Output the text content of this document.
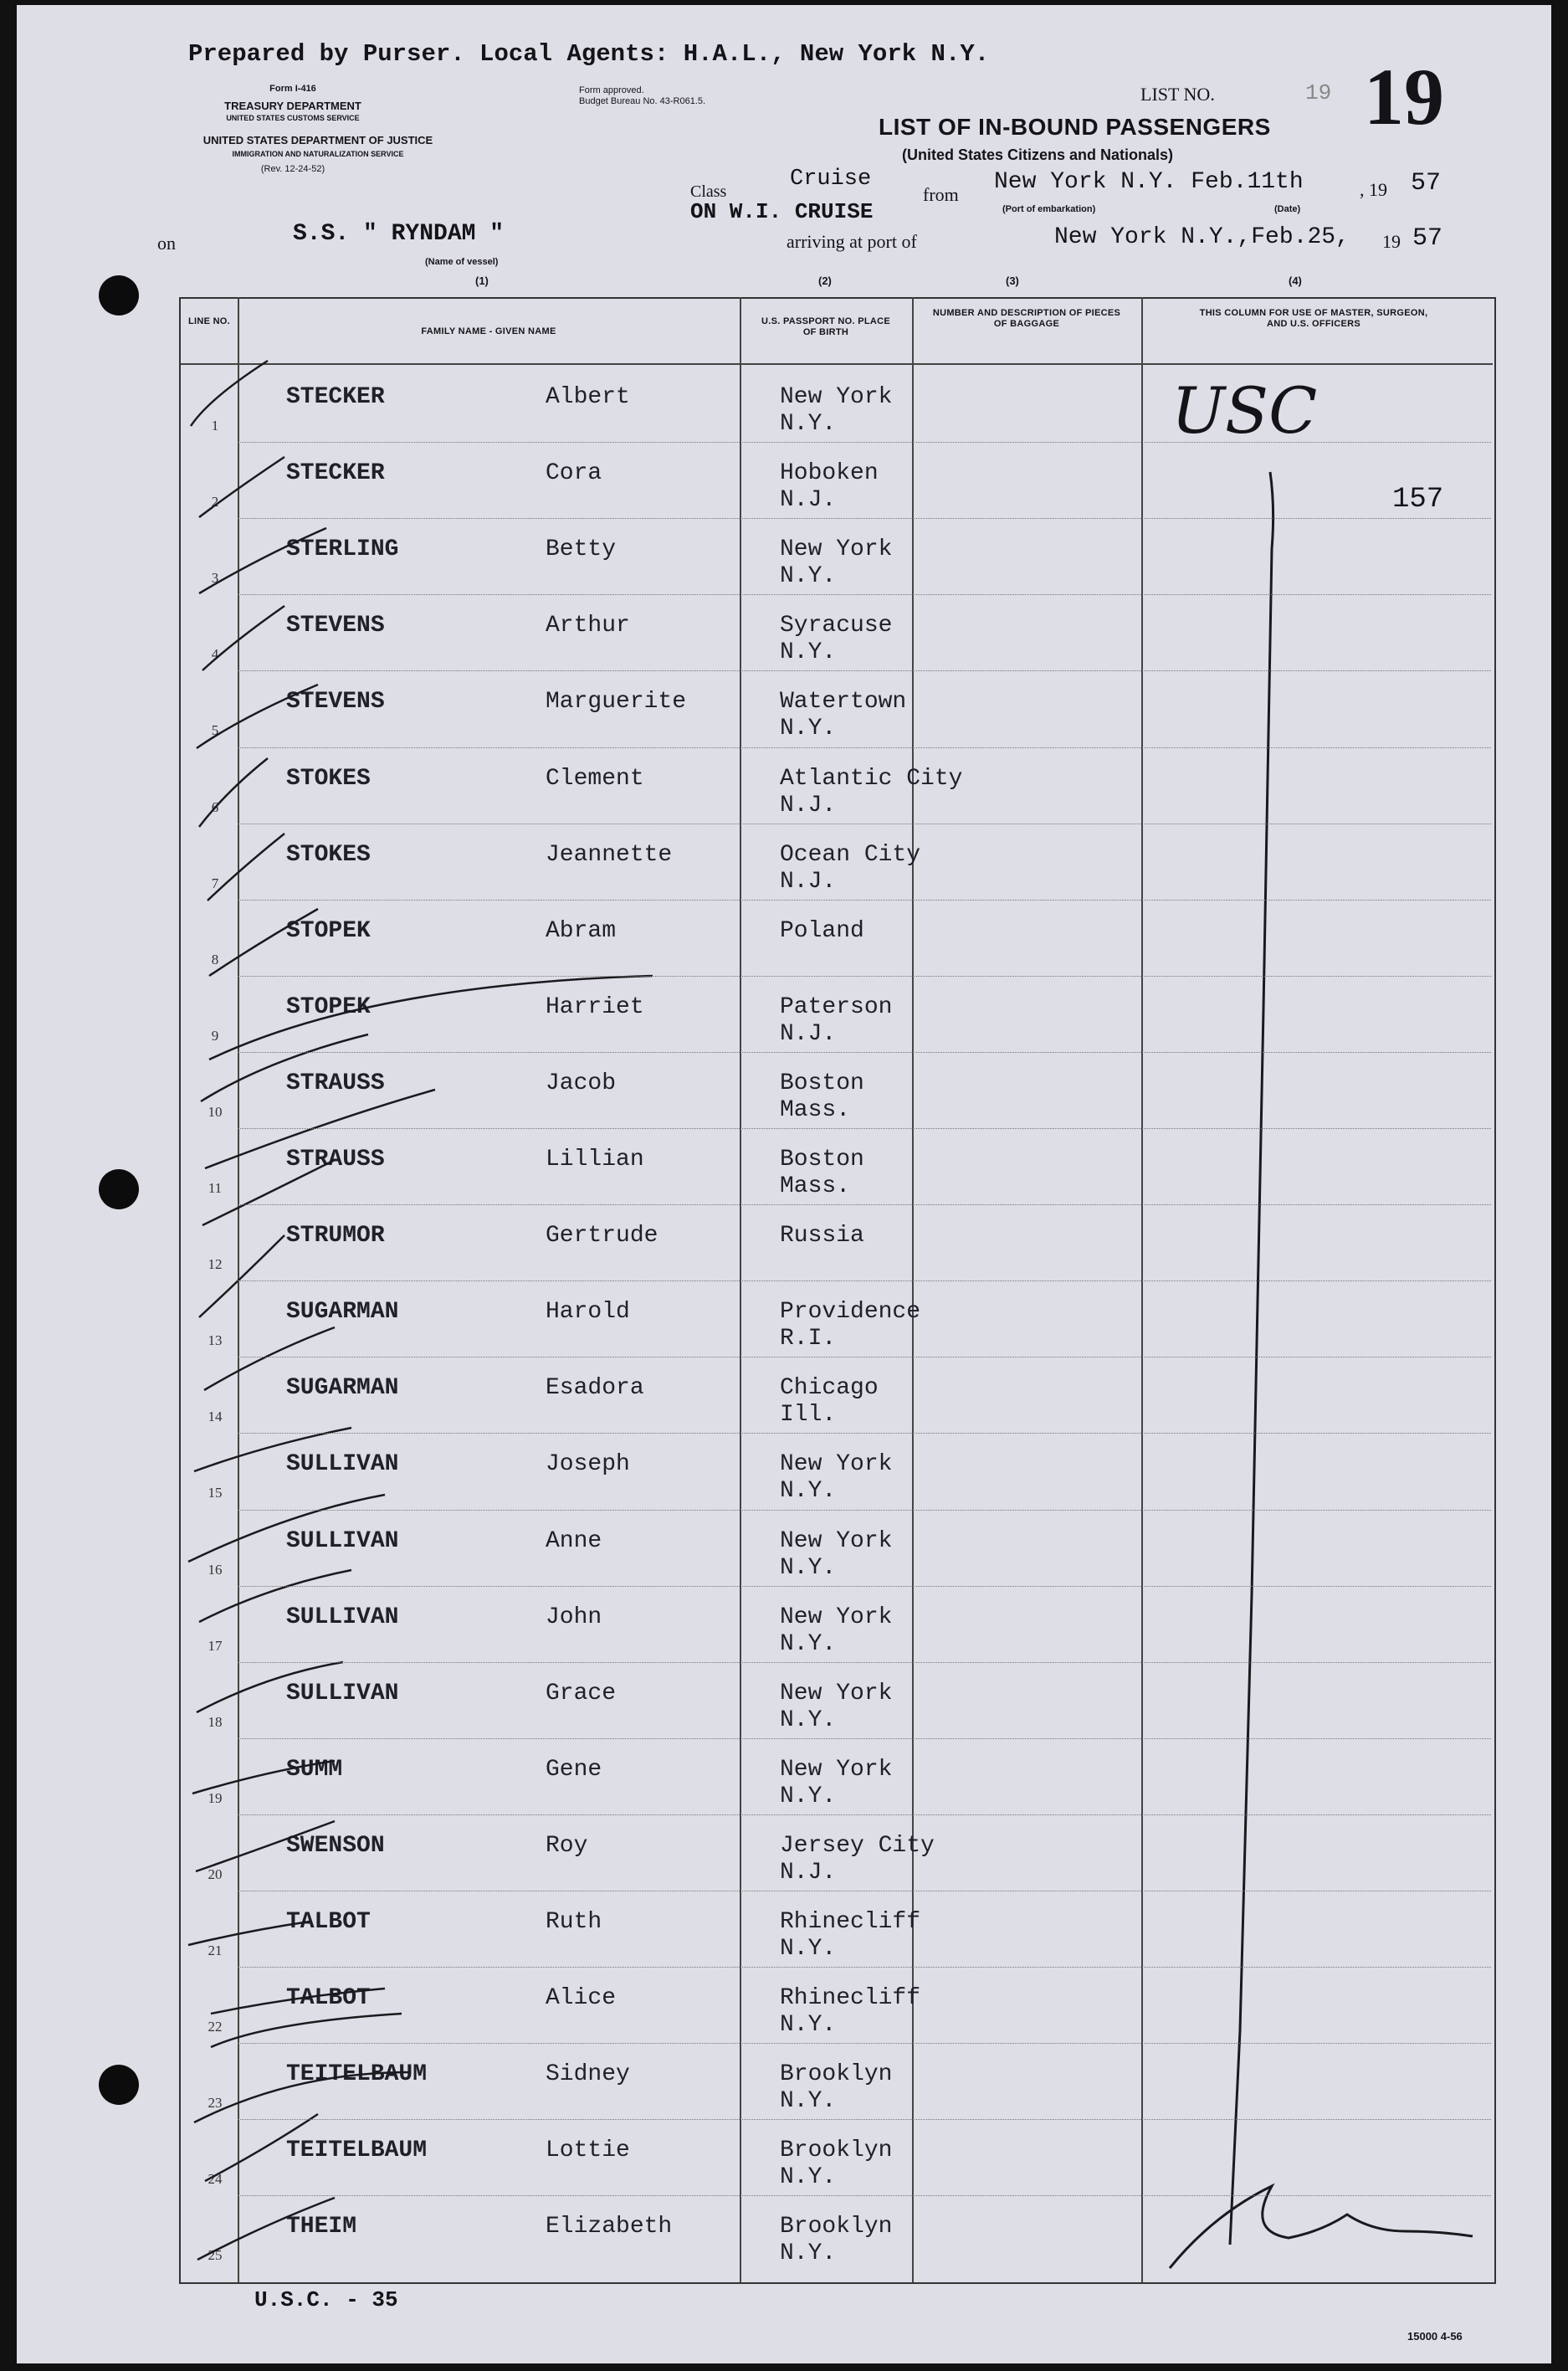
Prepared by Purser. Local Agents: H.A.L., New York N.Y.
Form I-416
TREASURY DEPARTMENT
UNITED STATES CUSTOMS SERVICE
UNITED STATES DEPARTMENT OF JUSTICE
IMMIGRATION AND NATURALIZATION SERVICE
(Rev. 12-24-52)
Form approved.
Budget Bureau No. 43-R061.5.	LIST NO.	19 19
LIST OF IN-BOUND PASSENGERS
(United States Citizens and Nationals)
Cruise
Class
ON W.I. CRUISE
from New York N.Y. Feb.11th	, 19 57
(Port of embarkation)	(Date)
on	S.S. " RYNDAM "
(Name of vessel)
arriving at port of	New York N.Y.,Feb.25, 19 57
(1)	(2)	(3)	(4)
LINE NO.
FAMILY NAME - GIVEN NAME
U.S. PASSPORT NO. PLACE OF BIRTH
NUMBER AND DESCRIPTION OF PIECES OF BAGGAGE
THIS COLUMN FOR USE OF MASTER, SURGEON, AND U.S. OFFICERS
1
STECKER	Albert	New York
N.Y.
2
STECKER	Cora	Hoboken
N.J.
3
STERLING	Betty	New York
N.Y.
4
STEVENS	Arthur	Syracuse
N.Y.
5
STEVENS	Marguerite	Watertown
N.Y.
6
STOKES	Clement	Atlantic City
N.J.
7
STOKES	Jeannette	Ocean City
N.J.
8
STOPEK	Abram	Poland
9
STOPEK	Harriet	Paterson
N.J.
10
STRAUSS	Jacob	Boston
Mass.
11
STRAUSS	Lillian	Boston
Mass.
12
STRUMOR	Gertrude	Russia
13
SUGARMAN	Harold	Providence
R.I.
14
SUGARMAN	Esadora	Chicago
Ill.
15
SULLIVAN	Joseph	New York
N.Y.
16
SULLIVAN	Anne	New York
N.Y.
17
SULLIVAN	John	New York
N.Y.
18
SULLIVAN	Grace	New York
N.Y.
19
SUMM	Gene	New York
N.Y.
20
SWENSON	Roy	Jersey City
N.J.
21
TALBOT	Ruth	Rhinecliff
N.Y.
22
TALBOT	Alice	Rhinecliff
N.Y.
23
TEITELBAUM	Sidney	Brooklyn
N.Y.
24
TEITELBAUM	Lottie	Brooklyn
N.Y.
25
THEIM	Elizabeth	Brooklyn
N.Y.
USC
157
U.S.C. - 35
15000 4-56
